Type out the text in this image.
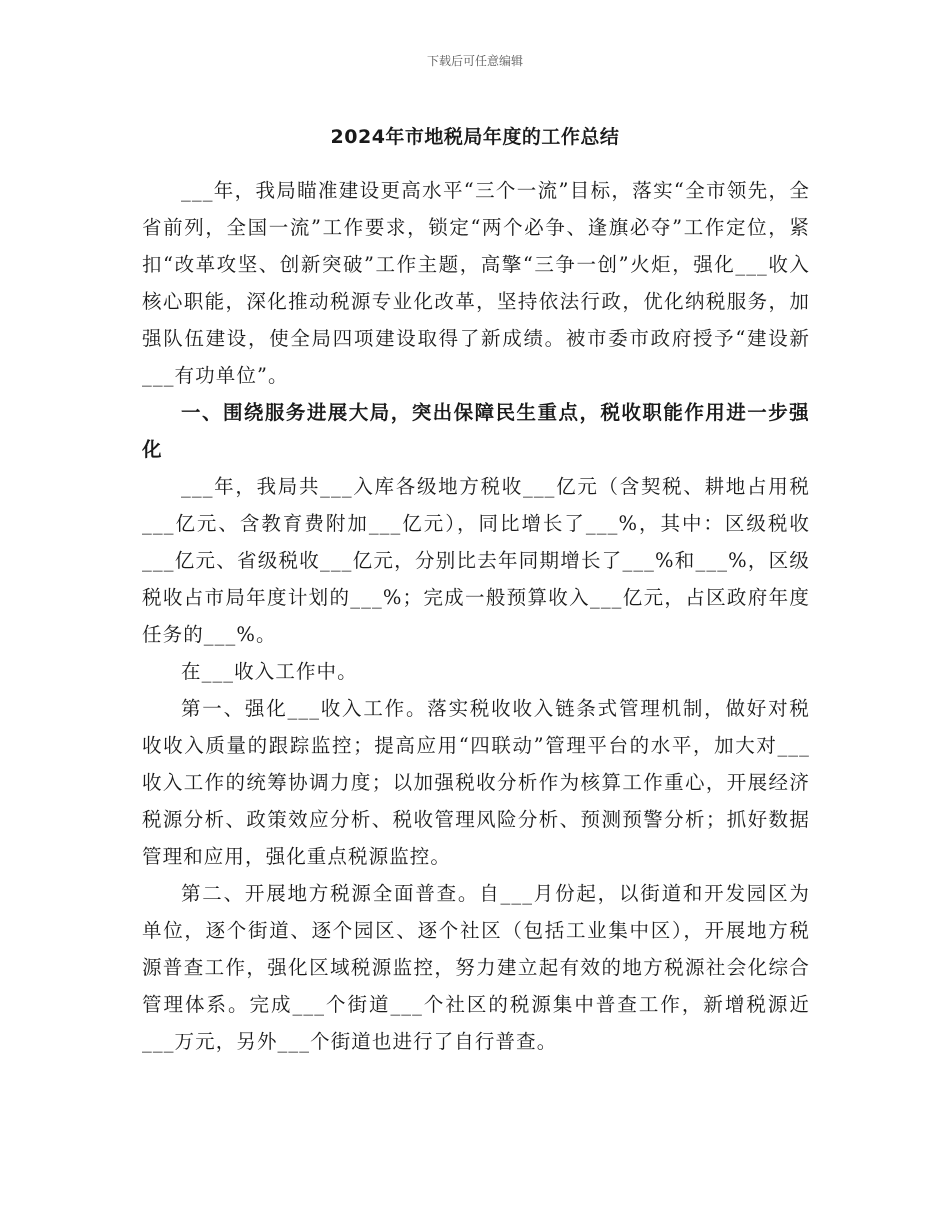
下载后可任意编辑
2024年市地税局年度的工作总结

___年，我局瞄准建设更高水平“三个一流”目标，落实“全市领先，全省前列，全国一流”工作要求，锁定“两个必争、逢旗必夺”工作定位，紧扣“改革攻坚、创新突破”工作主题，高擎“三争一创”火炬，强化___收入核心职能，深化推动税源专业化改革，坚持依法行政，优化纳税服务，加强队伍建设，使全局四项建设取得了新成绩。被市委市政府授予“建设新___有功单位”。

一、围绕服务进展大局，突出保障民生重点，税收职能作用进一步强化

___年，我局共___入库各级地方税收___亿元（含契税、耕地占用税___亿元、含教育费附加___亿元），同比增长了___%，其中：区级税收___亿元、省级税收___亿元，分别比去年同期增长了___%和___%，区级税收占市局年度计划的___%；完成一般预算收入___亿元，占区政府年度任务的___%。

在___收入工作中。

第一、强化___收入工作。落实税收收入链条式管理机制，做好对税收收入质量的跟踪监控；提高应用“四联动”管理平台的水平，加大对___收入工作的统筹协调力度；以加强税收分析作为核算工作重心，开展经济税源分析、政策效应分析、税收管理风险分析、预测预警分析；抓好数据管理和应用，强化重点税源监控。

第二、开展地方税源全面普查。自___月份起，以街道和开发园区为单位，逐个街道、逐个园区、逐个社区（包括工业集中区），开展地方税源普查工作，强化区域税源监控，努力建立起有效的地方税源社会化综合管理体系。完成___个街道___个社区的税源集中普查工作，新增税源近___万元，另外___个街道也进行了自行普查。
